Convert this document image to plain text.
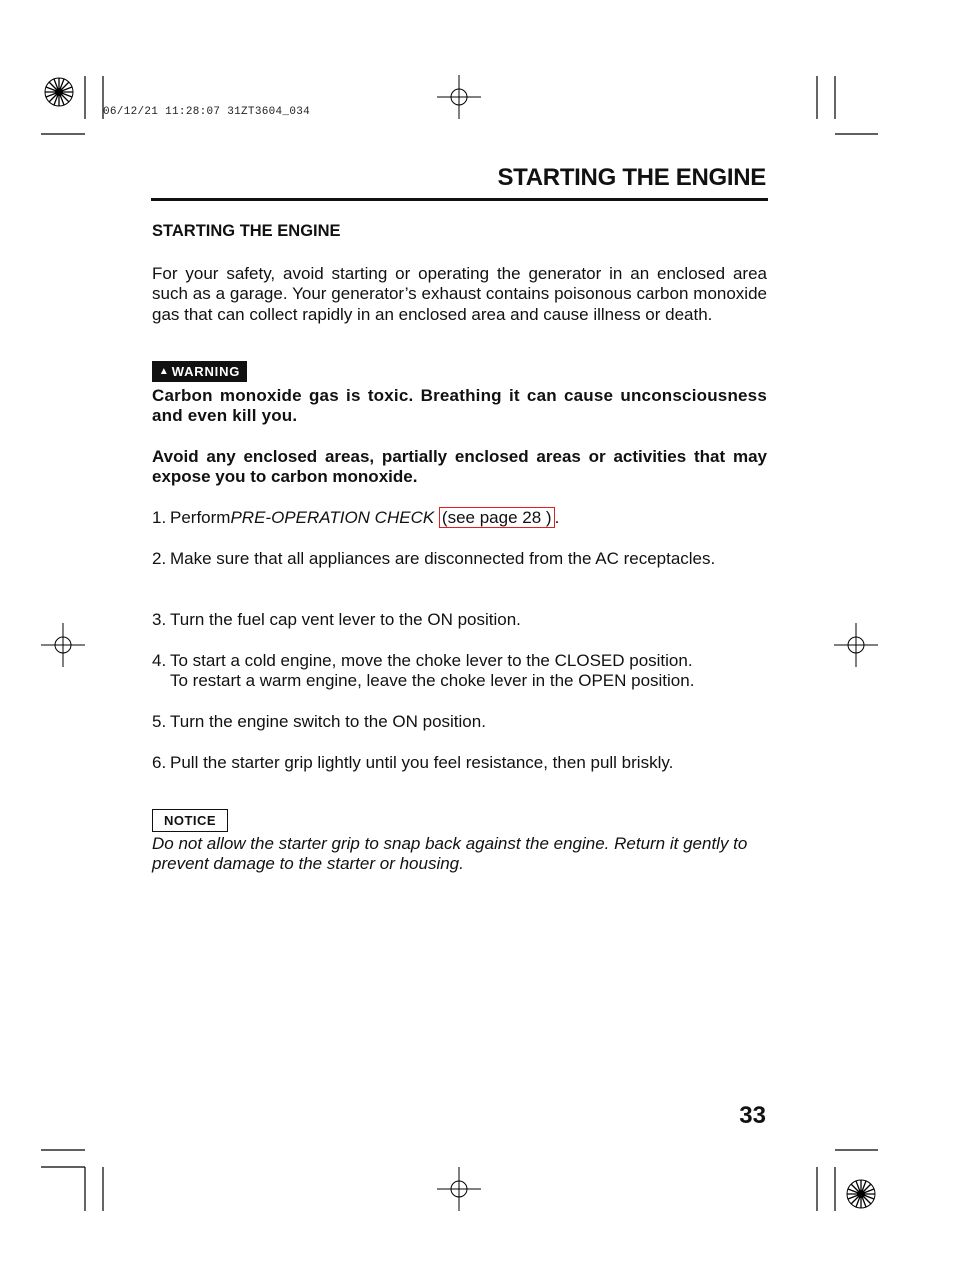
06/12/21 11:28:07 31ZT3604_034
STARTING THE ENGINE
STARTING THE ENGINE
For your safety, avoid starting or operating the generator in an enclosed area such as a garage. Your generator’s exhaust contains poisonous carbon monoxide gas that can collect rapidly in an enclosed area and cause illness or death.
▲ WARNING
Carbon monoxide gas is toxic. Breathing it can cause unconsciousness and even kill you.
Avoid any enclosed areas, partially enclosed areas or activities that may expose you to carbon monoxide.
1. PerformPRE-OPERATION CHECK (see page 28 ) .
2. Make sure that all appliances are disconnected from the AC receptacles.
3. Turn the fuel cap vent lever to the ON position.
4. To start a cold engine, move the choke lever to the CLOSED position.
To restart a warm engine, leave the choke lever in the OPEN position.
5. Turn the engine switch to the ON position.
6. Pull the starter grip lightly until you feel resistance, then pull briskly.
NOTICE
Do not allow the starter grip to snap back against the engine. Return it gently to prevent damage to the starter or housing.
33
